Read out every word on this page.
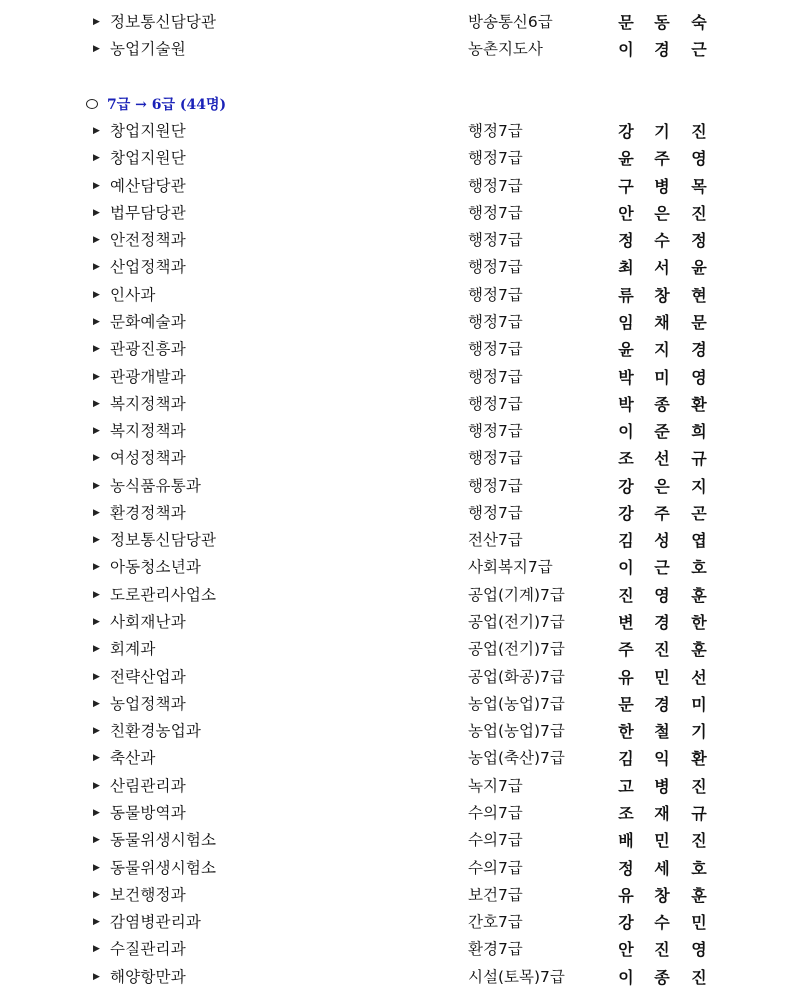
▶ 정보통신담당관	방송통신6급	문 동 숙
▶ 농업기술원	농촌지도사	이 경 근
7급 → 6급 (44명)
▶ 창업지원단	행정7급	강 기 진
▶ 창업지원단	행정7급	윤 주 영
▶ 예산담당관	행정7급	구 병 목
▶ 법무담당관	행정7급	안 은 진
▶ 안전정책과	행정7급	정 수 정
▶ 산업정책과	행정7급	최 서 윤
▶ 인사과	행정7급	류 창 현
▶ 문화예술과	행정7급	임 채 문
▶ 관광진흥과	행정7급	윤 지 경
▶ 관광개발과	행정7급	박 미 영
▶ 복지정책과	행정7급	박 종 환
▶ 복지정책과	행정7급	이 준 희
▶ 여성정책과	행정7급	조 선 규
▶ 농식품유통과	행정7급	강 은 지
▶ 환경정책과	행정7급	강 주 곤
▶ 정보통신담당관	전산7급	김 성 엽
▶ 아동청소년과	사회복지7급	이 근 호
▶ 도로관리사업소	공업(기계)7급	진 영 훈
▶ 사회재난과	공업(전기)7급	변 경 한
▶ 회계과	공업(전기)7급	주 진 훈
▶ 전략산업과	공업(화공)7급	유 민 선
▶ 농업정책과	농업(농업)7급	문 경 미
▶ 친환경농업과	농업(농업)7급	한 철 기
▶ 축산과	농업(축산)7급	김 익 환
▶ 산림관리과	녹지7급	고 병 진
▶ 동물방역과	수의7급	조 재 규
▶ 동물위생시험소	수의7급	배 민 진
▶ 동물위생시험소	수의7급	정 세 호
▶ 보건행정과	보건7급	유 창 훈
▶ 감염병관리과	간호7급	강 수 민
▶ 수질관리과	환경7급	안 진 영
▶ 해양항만과	시설(토목)7급	이 종 진
